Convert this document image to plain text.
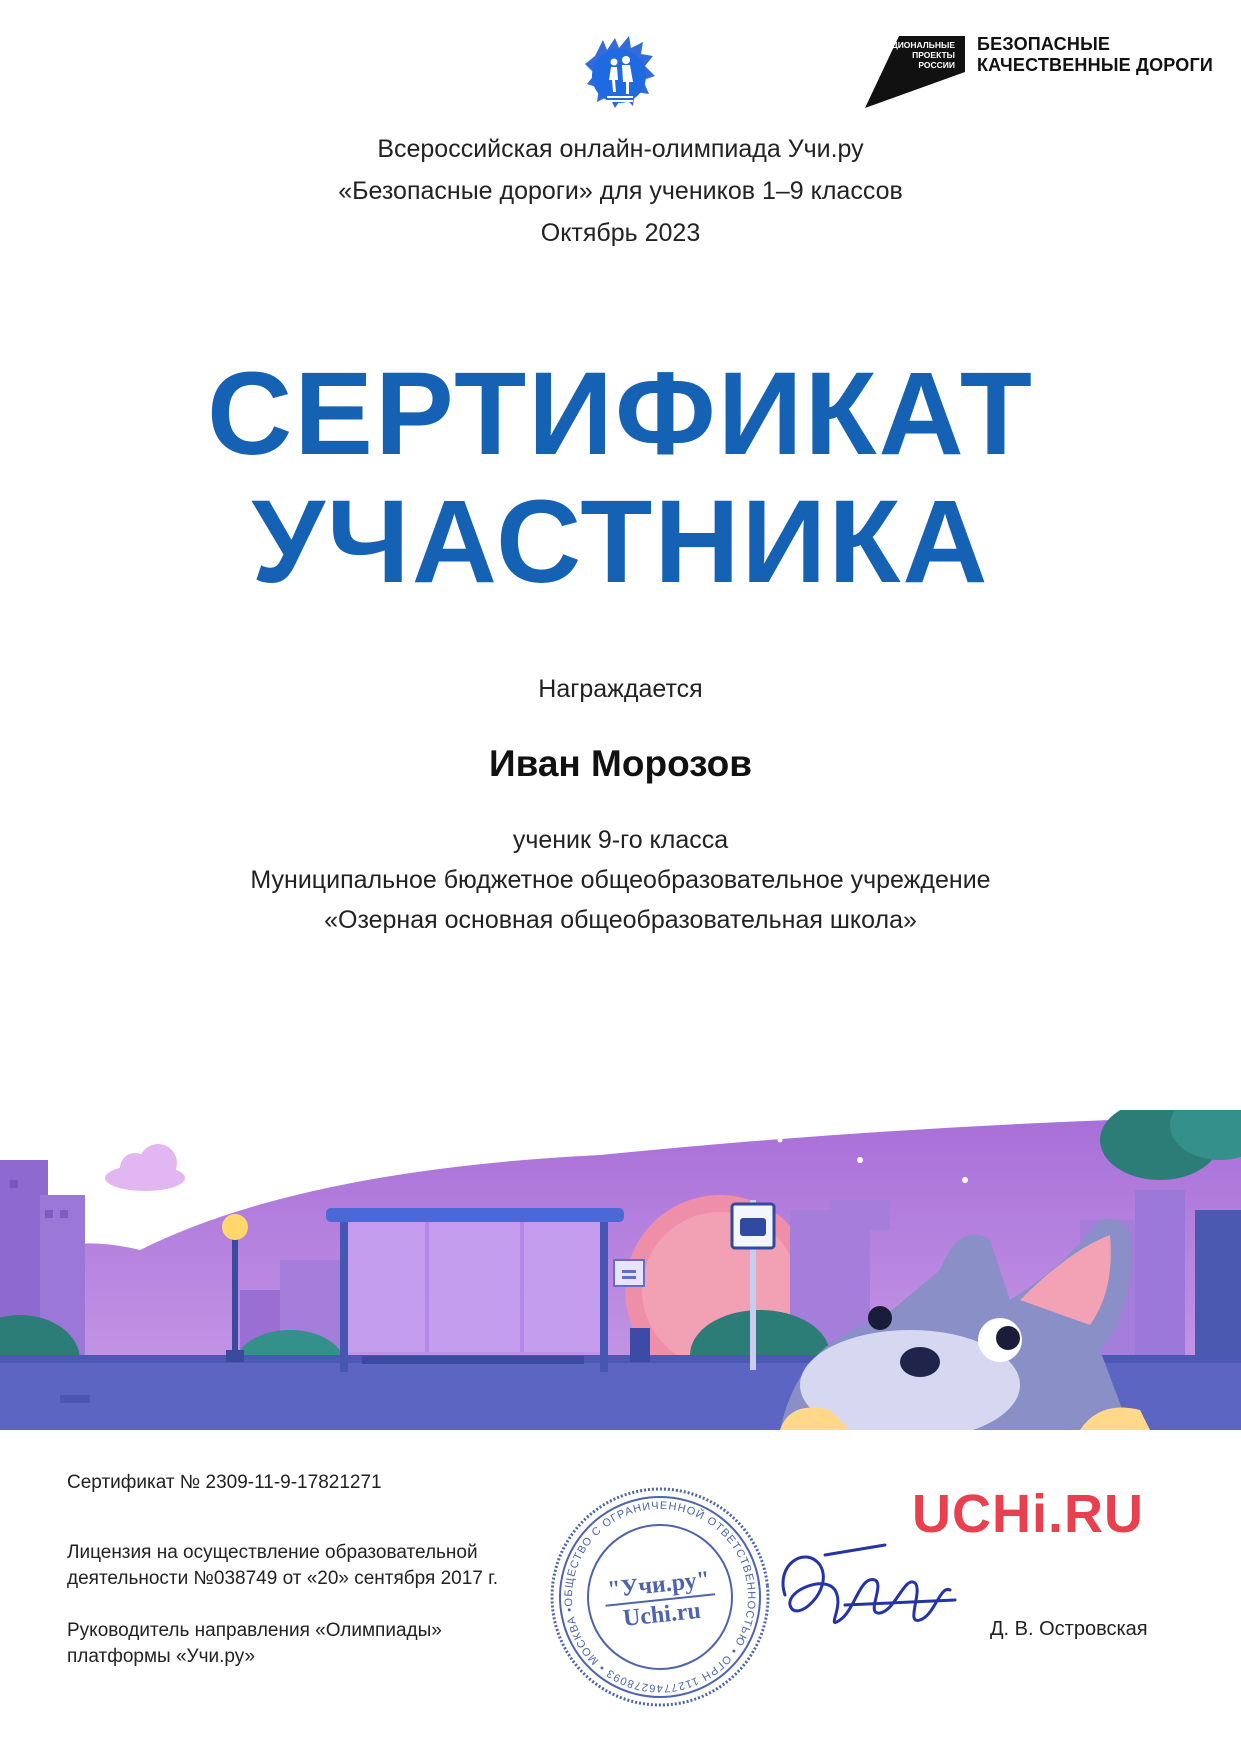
НАЦИОНАЛЬНЫЕ
ПРОЕКТЫ
РОССИИ
БЕЗОПАСНЫЕ
КАЧЕСТВЕННЫЕ ДОРОГИ
Всероссийская онлайн-олимпиада Учи.ру
«Безопасные дороги» для учеников 1–9 классов
Октябрь 2023
СЕРТИФИКАТ
УЧАСТНИКА
Награждается
Иван Морозов
ученик 9-го класса
Муниципальное бюджетное общеобразовательное учреждение
«Озерная основная общеобразовательная школа»
Сертификат № 2309-11-9-17821271
Лицензия на осуществление образовательной
деятельности №038749 от «20» сентября 2017 г.
Руководитель направления «Олимпиады»
платформы «Учи.ру»
ОБЩЕСТВО С ОГРАНИЧЕННОЙ ОТВЕТСТВЕННОСТЬЮ • ОГРН 1127746278093 • МОСКВА •
"Учи.ру"
Uchi.ru
UCHi.RU
Д. В. Островская
